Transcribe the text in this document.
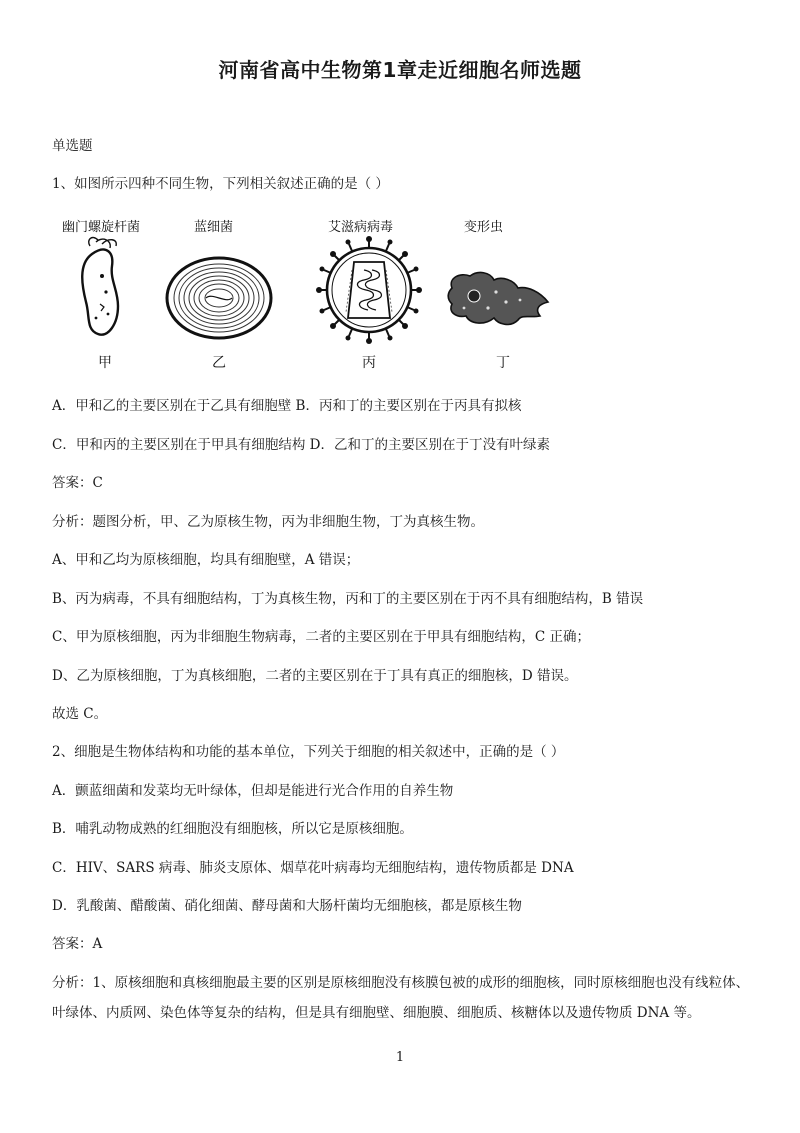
河南省高中生物第1章走近细胞名师选题
单选题
1、如图所示四种不同生物，下列相关叙述正确的是（ ）
幽门螺旋杆菌	蓝细菌	艾滋病病毒	变形虫
甲	乙	丙	丁
A．甲和乙的主要区别在于乙具有细胞壁 B．丙和丁的主要区别在于丙具有拟核
C．甲和丙的主要区别在于甲具有细胞结构 D．乙和丁的主要区别在于丁没有叶绿素
答案：C
分析：题图分析，甲、乙为原核生物，丙为非细胞生物，丁为真核生物。
A、甲和乙均为原核细胞，均具有细胞壁，A 错误；
B、丙为病毒，不具有细胞结构，丁为真核生物，丙和丁的主要区别在于丙不具有细胞结构，B 错误
C、甲为原核细胞，丙为非细胞生物病毒，二者的主要区别在于甲具有细胞结构，C 正确；
D、乙为原核细胞，丁为真核细胞，二者的主要区别在于丁具有真正的细胞核，D 错误。
故选 C。
2、细胞是生物体结构和功能的基本单位，下列关于细胞的相关叙述中，正确的是（ ）
A．颤蓝细菌和发菜均无叶绿体，但却是能进行光合作用的自养生物
B．哺乳动物成熟的红细胞没有细胞核，所以它是原核细胞。
C．HIV、SARS 病毒、肺炎支原体、烟草花叶病毒均无细胞结构，遗传物质都是 DNA
D．乳酸菌、醋酸菌、硝化细菌、酵母菌和大肠杆菌均无细胞核，都是原核生物
答案：A
分析：1、原核细胞和真核细胞最主要的区别是原核细胞没有核膜包被的成形的细胞核，同时原核细胞也没有线粒体、叶绿体、内质网、染色体等复杂的结构，但是具有细胞壁、细胞膜、细胞质、核糖体以及遗传物质 DNA 等。
1
